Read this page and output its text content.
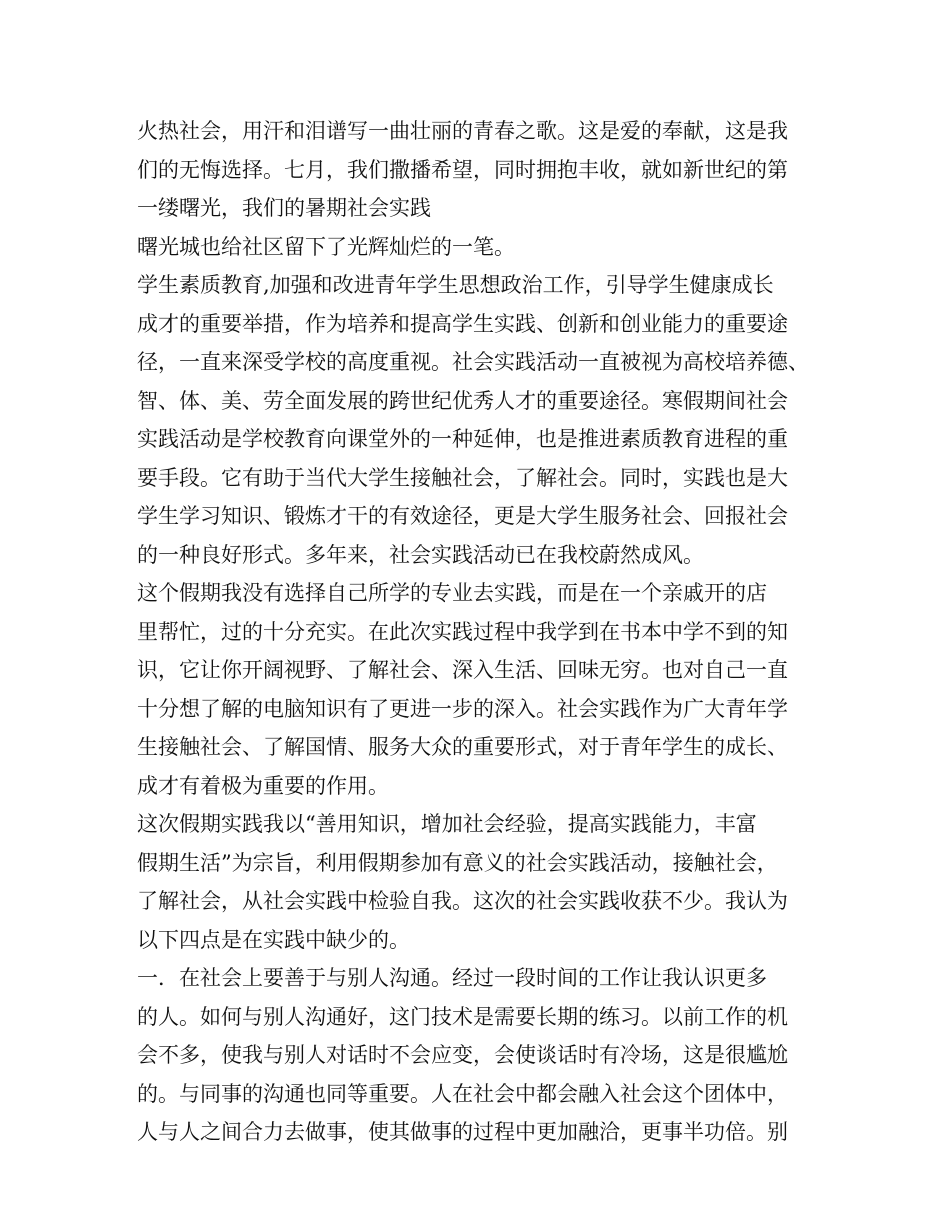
火热社会，用汗和泪谱写一曲壮丽的青春之歌。这是爱的奉献，这是我
们的无悔选择。七月，我们撒播希望，同时拥抱丰收，就如新世纪的第
一缕曙光，我们的暑期社会实践
曙光城也给社区留下了光辉灿烂的一笔。
学生素质教育,加强和改进青年学生思想政治工作，引导学生健康成长
成才的重要举措，作为培养和提高学生实践、创新和创业能力的重要途
径，一直来深受学校的高度重视。社会实践活动一直被视为高校培养德、
智、体、美、劳全面发展的跨世纪优秀人才的重要途径。寒假期间社会
实践活动是学校教育向课堂外的一种延伸，也是推进素质教育进程的重
要手段。它有助于当代大学生接触社会，了解社会。同时，实践也是大
学生学习知识、锻炼才干的有效途径，更是大学生服务社会、回报社会
的一种良好形式。多年来，社会实践活动已在我校蔚然成风。
这个假期我没有选择自己所学的专业去实践，而是在一个亲戚开的店
里帮忙，过的十分充实。在此次实践过程中我学到在书本中学不到的知
识，它让你开阔视野、了解社会、深入生活、回味无穷。也对自己一直
十分想了解的电脑知识有了更进一步的深入。社会实践作为广大青年学
生接触社会、了解国情、服务大众的重要形式，对于青年学生的成长、
成才有着极为重要的作用。
这次假期实践我以“善用知识，增加社会经验，提高实践能力，丰富
假期生活”为宗旨，利用假期参加有意义的社会实践活动，接触社会，
了解社会，从社会实践中检验自我。这次的社会实践收获不少。我认为
以下四点是在实践中缺少的。
一．在社会上要善于与别人沟通。经过一段时间的工作让我认识更多
的人。如何与别人沟通好，这门技术是需要长期的练习。以前工作的机
会不多，使我与别人对话时不会应变，会使谈话时有冷场，这是很尴尬
的。与同事的沟通也同等重要。人在社会中都会融入社会这个团体中，
人与人之间合力去做事，使其做事的过程中更加融洽，更事半功倍。别
